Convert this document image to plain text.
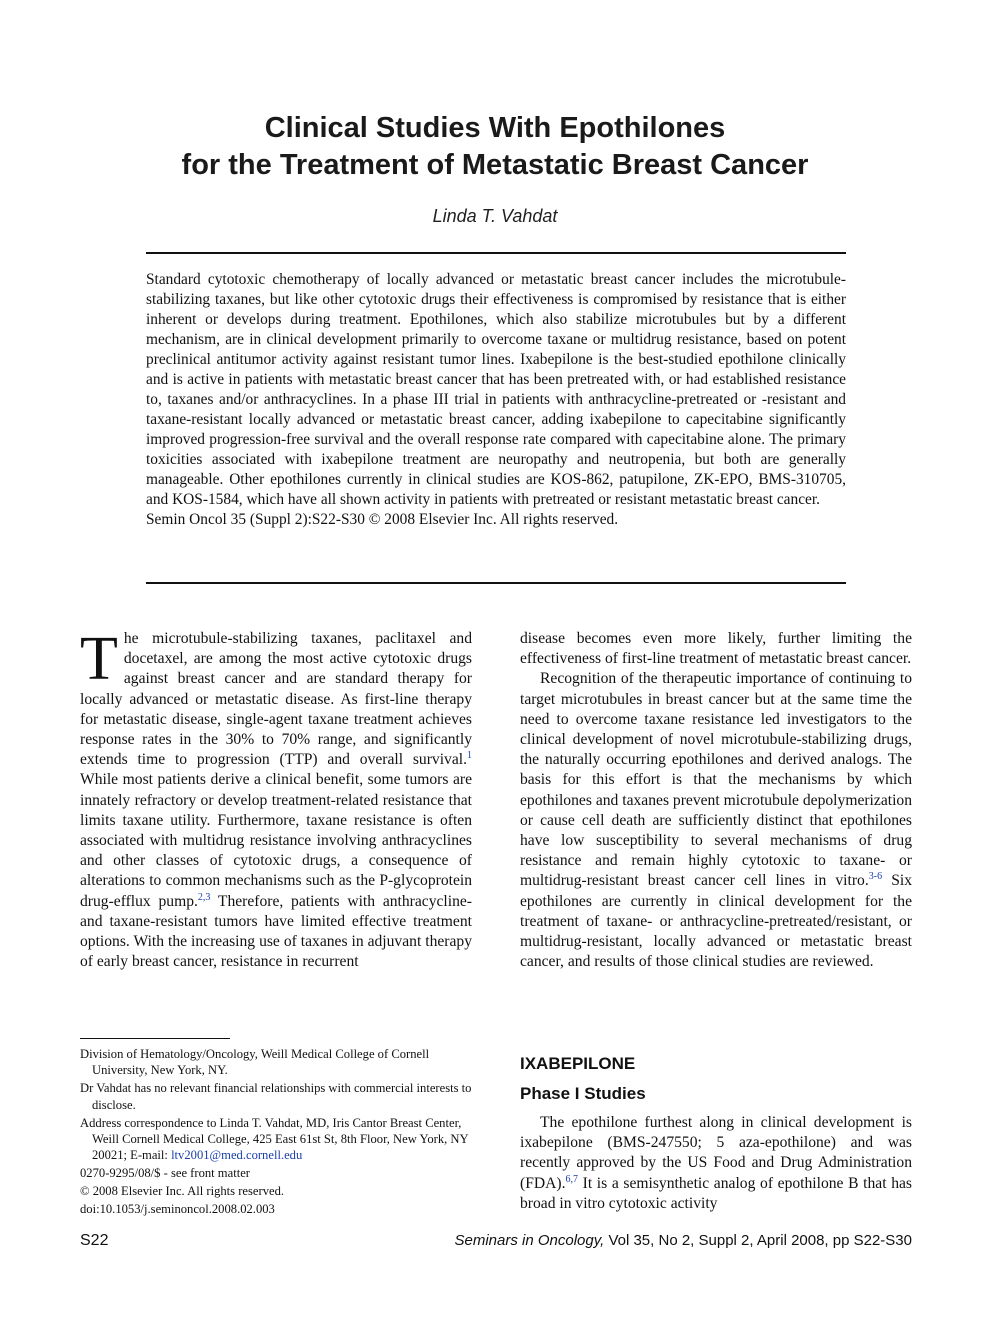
Clinical Studies With Epothilones
for the Treatment of Metastatic Breast Cancer
Linda T. Vahdat

Standard cytotoxic chemotherapy of locally advanced or metastatic breast cancer includes the microtubule-stabilizing taxanes, but like other cytotoxic drugs their effectiveness is compromised by resistance that is either inherent or develops during treatment. Epothilones, which also stabilize microtubules but by a different mechanism, are in clinical development primarily to overcome taxane or multidrug resistance, based on potent preclinical antitumor activity against resistant tumor lines. Ixabepilone is the best-studied epothilone clinically and is active in patients with metastatic breast cancer that has been pretreated with, or had established resistance to, taxanes and/or anthracyclines. In a phase III trial in patients with anthracycline-pretreated or -resistant and taxane-resistant locally advanced or metastatic breast cancer, adding ixabepilone to capecitabine significantly improved progression-free survival and the overall response rate compared with capecitabine alone. The primary toxicities associated with ixabepilone treatment are neuropathy and neutropenia, but both are generally manageable. Other epothilones currently in clinical studies are KOS-862, patupilone, ZK-EPO, BMS-310705, and KOS-1584, which have all shown activity in patients with pretreated or resistant metastatic breast cancer.

Semin Oncol 35 (Suppl 2):S22-S30 © 2008 Elsevier Inc. All rights reserved.

The microtubule-stabilizing taxanes, paclitaxel and docetaxel, are among the most active cytotoxic drugs against breast cancer and are standard therapy for locally advanced or metastatic disease. As first-line therapy for metastatic disease, single-agent taxane treatment achieves response rates in the 30% to 70% range, and significantly extends time to progression (TTP) and overall survival.$^1$ While most patients derive a clinical benefit, some tumors are innately refractory or develop treatment-related resistance that limits taxane utility. Furthermore, taxane resistance is often associated with multidrug resistance involving anthracyclines and other classes of cytotoxic drugs, a consequence of alterations to common mechanisms such as the P-glycoprotein drug-efflux pump.$^{2,3}$ Therefore, patients with anthracycline- and taxane-resistant tumors have limited effective treatment options. With the increasing use of taxanes in adjuvant therapy of early breast cancer, resistance in recurrent

Division of Hematology/Oncology, Weill Medical College of Cornell University, New York, NY.

Dr Vahdat has no relevant financial relationships with commercial interests to disclose.

Address correspondence to Linda T. Vahdat, MD, Iris Cantor Breast Center, Weill Cornell Medical College, 425 East 61st St, 8th Floor, New York, NY 20021; E-mail: ltv2001@med.cornell.edu

0270-9295/08/$ - see front matter

© 2008 Elsevier Inc. All rights reserved.

doi:10.1053/j.seminoncol.2008.02.003

disease becomes even more likely, further limiting the effectiveness of first-line treatment of metastatic breast cancer.

Recognition of the therapeutic importance of continuing to target microtubules in breast cancer but at the same time the need to overcome taxane resistance led investigators to the clinical development of novel microtubule-stabilizing drugs, the naturally occurring epothilones and derived analogs. The basis for this effort is that the mechanisms by which epothilones and taxanes prevent microtubule depolymerization or cause cell death are sufficiently distinct that epothilones have low susceptibility to several mechanisms of drug resistance and remain highly cytotoxic to taxane- or multidrug-resistant breast cancer cell lines in vitro.$^{3-6}$ Six epothilones are currently in clinical development for the treatment of taxane- or anthracycline-pretreated/resistant, or multidrug-resistant, locally advanced or metastatic breast cancer, and results of those clinical studies are reviewed.

IXABEPILONE
Phase I Studies

The epothilone furthest along in clinical development is ixabepilone (BMS-247550; 5 aza-epothilone) and was recently approved by the US Food and Drug Administration (FDA).$^{6,7}$ It is a semisynthetic analog of epothilone B that has broad in vitro cytotoxic activity

S22	Seminars in Oncology, Vol 35, No 2, Suppl 2, April 2008, pp S22-S30
